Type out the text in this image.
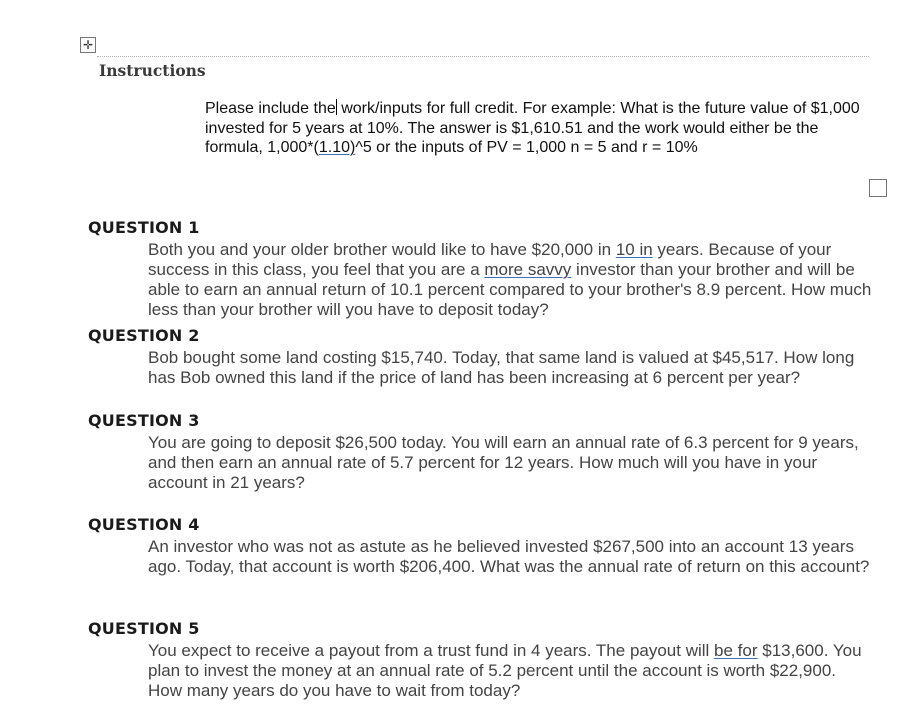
✛
Instructions
Please include the work/inputs for full credit. For example: What is the future value of $1,000 invested for 5 years at 10%. The answer is $1,610.51 and the work would either be the formula, 1,000*(1.10)^5 or the inputs of PV = 1,000 n = 5 and r = 10%
QUESTION 1
Both you and your older brother would like to have $20,000 in 10 in years. Because of your success in this class, you feel that you are a more savvy investor than your brother and will be able to earn an annual return of 10.1 percent compared to your brother's 8.9 percent. How much less than your brother will you have to deposit today?
QUESTION 2
Bob bought some land costing $15,740. Today, that same land is valued at $45,517. How long has Bob owned this land if the price of land has been increasing at 6 percent per year?
QUESTION 3
You are going to deposit $26,500 today. You will earn an annual rate of 6.3 percent for 9 years, and then earn an annual rate of 5.7 percent for 12 years. How much will you have in your account in 21 years?
QUESTION 4
An investor who was not as astute as he believed invested $267,500 into an account 13 years ago. Today, that account is worth $206,400. What was the annual rate of return on this account?
QUESTION 5
You expect to receive a payout from a trust fund in 4 years. The payout will be for $13,600. You plan to invest the money at an annual rate of 5.2 percent until the account is worth $22,900. How many years do you have to wait from today?
